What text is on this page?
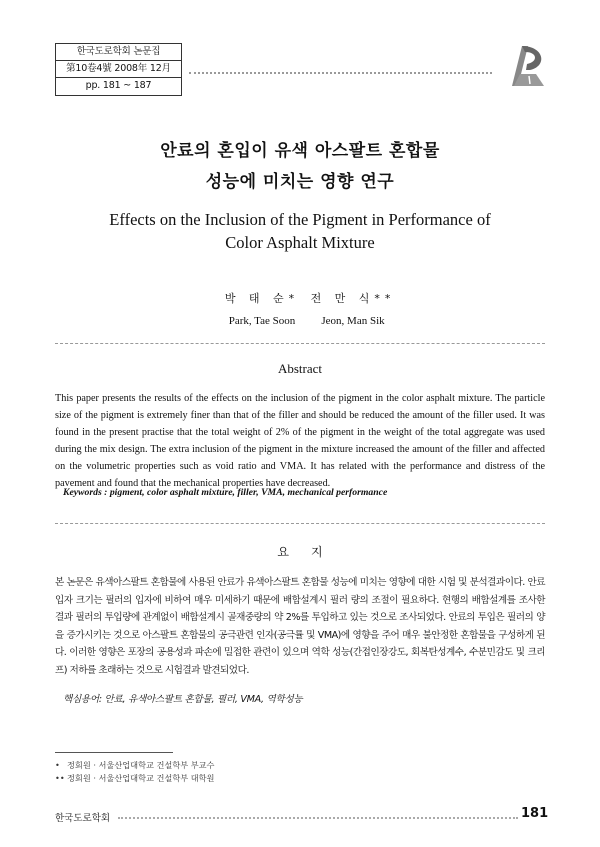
한국도로학회 논문집
第10卷4號 2008年 12月
pp. 181 ~ 187
안료의 혼입이 유색 아스팔트 혼합물
성능에 미치는 영향 연구
Effects on the Inclusion of the Pigment in Performance of
Color Asphalt Mixture
박 태 순*
Park, Tae Soon
전 만 식**
Jeon, Man Sik
Abstract
This paper presents the results of the effects on the inclusion of the pigment in the color asphalt mixture. The particle size of the pigment is extremely finer than that of the filler and should be reduced the amount of the filler used. It was found in the present practise that the total weight of 2% of the pigment in the weight of the total aggregate was used during the mix design. The extra inclusion of the pigment in the mixture increased the amount of the filler and affected on the volumetric properties such as void ratio and VMA. It has related with the performance and distress of the pavement and found that the mechanical properties have decreased.
Keywords : pigment, color asphalt mixture, filler, VMA, mechanical performance
요지
본 논문은 유색아스팔트 혼합물에 사용된 안료가 유색아스팔트 혼합물 성능에 미치는 영향에 대한 시험 및 분석결과이다. 안료 입자 크기는 필러의 입자에 비하여 매우 미세하기 때문에 배합설계시 필러 량의 조절이 필요하다. 현행의 배합설계를 조사한 결과 필러의 투입량에 관계없이 배합설계시 골재중량의 약 2%를 투입하고 있는 것으로 조사되었다. 안료의 투입은 필러의 양을 증가시키는 것으로 아스팔트 혼합물의 공극관련 인자(공극률 및 VMA)에 영향을 주어 매우 불안정한 혼합물을 구성하게 된다. 이러한 영향은 포장의 공용성과 파손에 밀접한 관련이 있으며 역학 성능(간접인장강도, 회복탄성계수, 수분민감도 및 크리프) 저하를 초래하는 것으로 시험결과 발견되었다.
핵심용어: 안료, 유색아스팔트 혼합물, 필러, VMA, 역학성능
• 정회원 · 서울산업대학교 건설학부 부교수
•• 정회원 · 서울산업대학교 건설학부 대학원
한국도로학회	181
